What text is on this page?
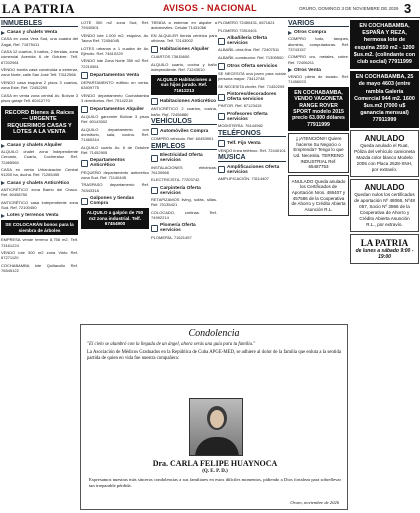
LA PATRIA	AVISOS - NACIONAL	ORURO, DOMINGO 3 DE NOVIEMBRE DE 2026 3
INMUEBLES
Casas y chalets Venta
CASA en zona Vera Sud, una cuadra del Zagal, Ref. 71875411
CASA 12 cuartos, 5 baños, 2 tiendas, zona comercial Avenida 6 de Octubre. Telf. 67202981
VENDO bonita casa construida a estrenar, zona Norte, calle San José Telf. 73112566
VENDO casa esquina 2 pisos 3 cuartos, zona Este, Ref. 72452290
CASA en venta zona central Av. Bolívar 3 pisos garaje Telf. 60412770
RECORD Bienes & Raíces — URGENTE REQUERIMOS CASAS Y LOTES A LA VENTA
Casas y chalets Alquiler
ALQUILO chalet zona independiente Cercado, Cuarto, Cocheraluz Ref. 72465960
CASA en venta Urbanización Central 91200 ha, ducha. Ref. 71265455
Casas y chalets Anticrético
ANTICRÉTICO zona Barrio del Chaco. Ref. 60458750
ANTICRÉTICO casa independiente zona Sud. Ref. 72100450
Lotes y terrenos Venta
SE COLOCARÁN bonos para la siembra de árboles
EMPRESA vende terreno 8,758 m2. Telf. 73161224
VENDO lote 300 m2 zona Vinto Ref. 67271120
COCHABAMBA lote Quillacollo Ref. 76545122
LOTE 300 m2 zona Sud, Ref. 79340501
VENDO lote 1.000 m2, esquina, Av. Tacna Ref. 72454045
LOTES urbanos a 1 cuadra de Av. Ejército. Ref. 74610220
VENDO lote Zona Norte 350 m2 Ref. 72210561
Departamentos Venta
DEPARTAMENTO edificio en venta. 63409775
VENDO departamento Cochabamba 3 dormitorios. Ref. 70142218
Departamentos Alquiler
ALQUILO garzonier Bolívar 3 pisos Ref. 60143002
ALQUILO departamento con dormitorio, sala, cocina. Ref. 71460244
ALQUILO cuarto Av. 6 de Octubre Ref. 71452905
Departamentos Anticrético
PEQUEÑO departamento anticrético zona Sud. Ref. 71140445
TRASPASO departamento Ref. 76343318
Galpones y tiendas Compra
ALQUILO a galpón de 750 m2 zona industrial. Telf. 67454900
TIENDA a estrenar en alquiler a automóviles. Celular 71431066
EN ALQUILER tienda céntrica para oficinas. Telf. 72143002
Habitaciones Alquiler
CUARTOS 73615600
ALQUILO cuarto, cocina y baño independiente. Ref. 71243010
ALQUILO Habitaciones a sus hijos jurado. Ref. 71612213
Habitaciones Anticrético
ANTICRÉTICO 2 cuartos, cocina, baño. Ref. 72456880
VEHÍCULOS
Automóviles Compra
COMPRO vehículo. Ref. 60453901
EMPLEOS
Electricidad Oferta servicios
INSTALACIONES eléctricas. 76130968
ELECTRICISTA. 77203742
Carpintería Oferta servicios
RETAPIZAMOS living, sofás, sillas. Ref. 70135421
COLOCADO, cortinas. Ref. 74992214
Plomería Oferta servicios
PLOMERÍA. 71621457
PLOMERO 72450431, 6571621
PLOMERO 73910401
Albañilería Oferta servicios
ALBAÑIL obra fina. Ref. 72407511
ALBAÑIL constructor. Ref. 71305500
Otros Oferta servicios
SE NECESITA una joven para cuidar persona mayor. 73412748
SE NECESITA chofer. Ref. 71452209
Pintores/decoradores Oferta servicios
PINTOR. Ref. 67123415
Profesores Oferta servicios
MODISTERÍA. 76144982
TELÉFONOS
Telf. Fijo Venta
VENDO línea teléfono. Ref. 72440101
MÚSICA
Amplificaciones Oferta servicios
AMPLIFICACIÓN. 73114407
VARIOS
Otros Compra
COMPRO todo, tanques, aluminio, computadoras. Ref. 73743157
COMPRO oro, metales, cobre. Ref. 72406211
Otros Venta
VENDO pileta de lavado. Ref. 71456023
EN COCHABAMBA, VENDO VAGONETA RANGE ROVER SPORT modelo 2015 precio 63.000 dólares 77911999
¡¡¡ATENCIÓN!!! Quiere hacerse Su Negocio o Emprenda? Tengo lo que Ud. Necesita. TERRENO INDUSTRIAL Ref. 65487753
ANULADO Queda anulado los Certificados de Aportación Nros. 486407 y 457586 de la Cooperativa de Ahorro y Crédito Abierta Asunción R.L.
EN COCHABAMBA, ESPAÑA Y REZA, hermosa lote de esquina 2550 m2 - 1200 $us.m2. (colindante con club social) 77911999
EN COCHABAMBA, 25 de mayo 4603 (entre rambla Galería Comercial 944 m2. 1600 $us.m2 (7000 u$ ganancia mensual) 77911999
ANULADO
Queda anulado el Ruat, Póliza del vehículo camioneta Mazda color blanco Modelo 2005 con Placa 2528-XNH, por extravío.
ANULADO
Quedan nulos los certificados de aportación Nº 48066, Nº48 057, Socio Nº 3866 de la Cooperativa de Ahorro y Crédito Abierta Asunción R.L., por extravío.
LA PATRIA
de lunes a sábado 9:00 - 19:00
Condolencia

"El cielo se alumbró con la llegada de un ángel, ahora serás una guía para tu familia."

La Asociación de Médicos Graduados en la República de Cuba APGE-MED, se adhiere al dolor de la familia que enluta a la sentida partida de quien en vida fue nuestra compañera:

Dra. CARLA FELIPE HUAYNOCA
(Q. E. P. D.)
Expresamos nuestras más sinceras condolencias a sus familiares en estos difíciles momentos, pidiendo a Dios fortaleza para sobrellevar tan irreparable pérdida.
Oruro, noviembre de 2026
